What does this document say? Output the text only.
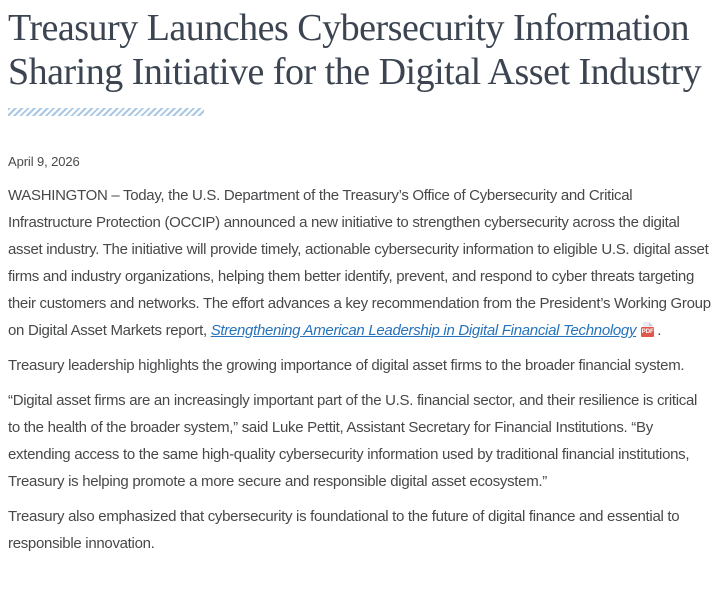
Treasury Launches Cybersecurity Information Sharing Initiative for the Digital Asset Industry

April 9, 2026

WASHINGTON – Today, the U.S. Department of the Treasury’s Office of Cybersecurity and Critical Infrastructure Protection (OCCIP) announced a new initiative to strengthen cybersecurity across the digital asset industry. The initiative will provide timely, actionable cybersecurity information to eligible U.S. digital asset firms and industry organizations, helping them better identify, prevent, and respond to cyber threats targeting their customers and networks. The effort advances a key recommendation from the President’s Working Group on Digital Asset Markets report, Strengthening American Leadership in Digital Financial Technology PDF .

Treasury leadership highlights the growing importance of digital asset firms to the broader financial system.

“Digital asset firms are an increasingly important part of the U.S. financial sector, and their resilience is critical to the health of the broader system,” said Luke Pettit, Assistant Secretary for Financial Institutions. “By extending access to the same high-quality cybersecurity information used by traditional financial institutions, Treasury is helping promote a more secure and responsible digital asset ecosystem.”

Treasury also emphasized that cybersecurity is foundational to the future of digital finance and essential to responsible innovation.
